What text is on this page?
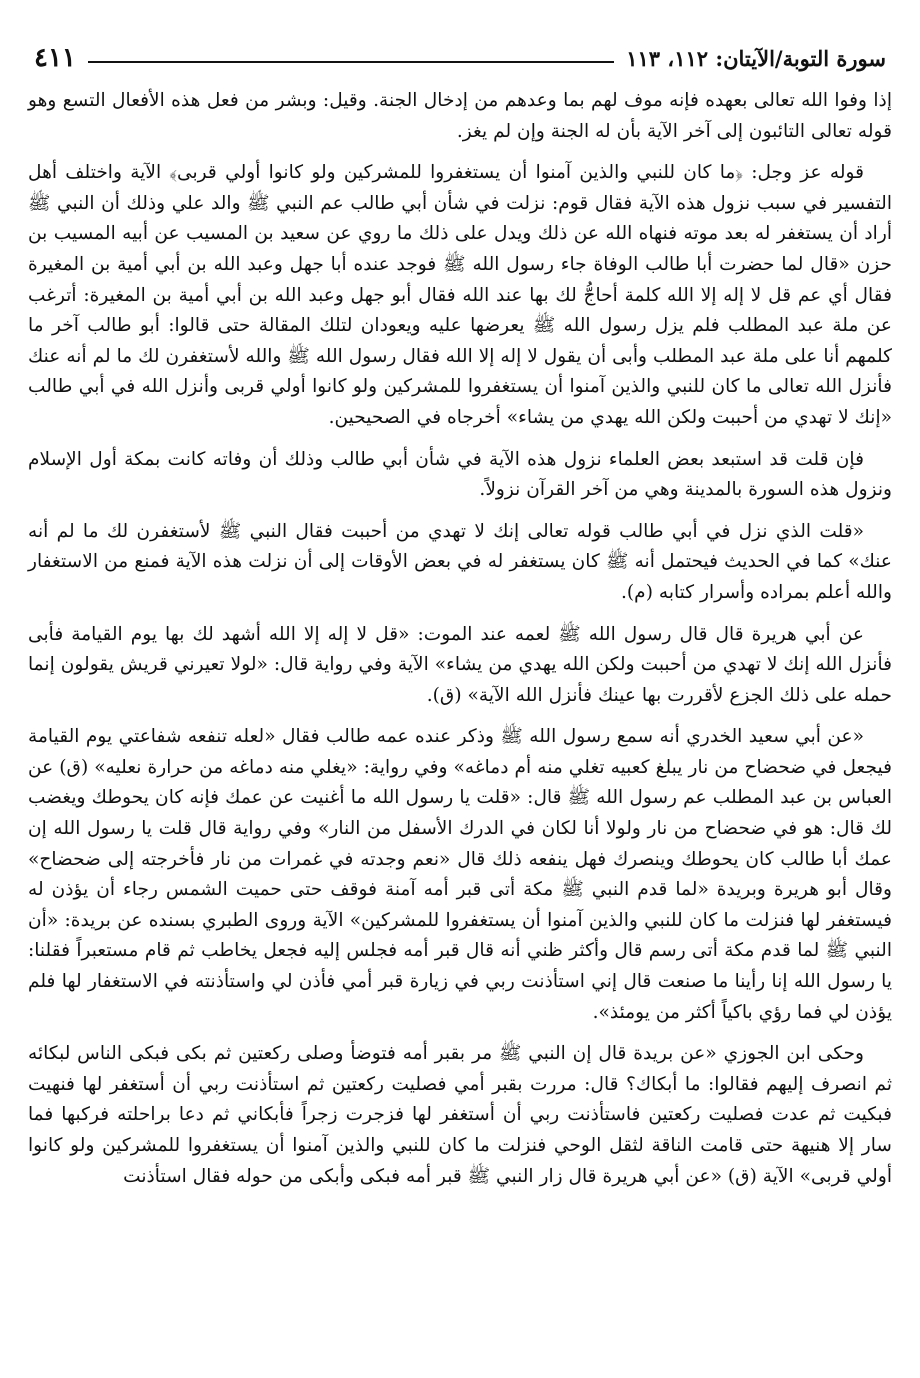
سورة التوبة/الآيتان: ١١٢، ١١٣
٤١١

إذا وفوا الله تعالى بعهده فإنه موف لهم بما وعدهم من إدخال الجنة. وقيل: وبشر من فعل هذه الأفعال التسع وهو قوله تعالى التائبون إلى آخر الآية بأن له الجنة وإن لم يغز.

قوله عز وجل: ﴿ما كان للنبي والذين آمنوا أن يستغفروا للمشركين ولو كانوا أولي قربى﴾ الآية واختلف أهل التفسير في سبب نزول هذه الآية فقال قوم: نزلت في شأن أبي طالب عم النبي ﷺ والد علي وذلك أن النبي ﷺ أراد أن يستغفر له بعد موته فنهاه الله عن ذلك ويدل على ذلك ما روي عن سعيد بن المسيب عن أبيه المسيب بن حزن «قال لما حضرت أبا طالب الوفاة جاء رسول الله ﷺ فوجد عنده أبا جهل وعبد الله بن أبي أمية بن المغيرة فقال أي عم قل لا إله إلا الله كلمة أحاجُّ لك بها عند الله فقال أبو جهل وعبد الله بن أبي أمية بن المغيرة: أترغب عن ملة عبد المطلب فلم يزل رسول الله ﷺ يعرضها عليه ويعودان لتلك المقالة حتى قالوا: أبو طالب آخر ما كلمهم أنا على ملة عبد المطلب وأبى أن يقول لا إله إلا الله فقال رسول الله ﷺ والله لأستغفرن لك ما لم أنه عنك فأنزل الله تعالى ما كان للنبي والذين آمنوا أن يستغفروا للمشركين ولو كانوا أولي قربى وأنزل الله في أبي طالب «إنك لا تهدي من أحببت ولكن الله يهدي من يشاء» أخرجاه في الصحيحين.

فإن قلت قد استبعد بعض العلماء نزول هذه الآية في شأن أبي طالب وذلك أن وفاته كانت بمكة أول الإسلام ونزول هذه السورة بالمدينة وهي من آخر القرآن نزولاً.

«قلت الذي نزل في أبي طالب قوله تعالى إنك لا تهدي من أحببت فقال النبي ﷺ لأستغفرن لك ما لم أنه عنك» كما في الحديث فيحتمل أنه ﷺ كان يستغفر له في بعض الأوقات إلى أن نزلت هذه الآية فمنع من الاستغفار والله أعلم بمراده وأسرار كتابه (م).

عن أبي هريرة قال قال رسول الله ﷺ لعمه عند الموت: «قل لا إله إلا الله أشهد لك بها يوم القيامة فأبى فأنزل الله إنك لا تهدي من أحببت ولكن الله يهدي من يشاء» الآية وفي رواية قال: «لولا تعيرني قريش يقولون إنما حمله على ذلك الجزع لأقررت بها عينك فأنزل الله الآية» (ق).

«عن أبي سعيد الخدري أنه سمع رسول الله ﷺ وذكر عنده عمه طالب فقال «لعله تنفعه شفاعتي يوم القيامة فيجعل في ضحضاح من نار يبلغ كعبيه تغلي منه أم دماغه» وفي رواية: «يغلي منه دماغه من حرارة نعليه» (ق) عن العباس بن عبد المطلب عم رسول الله ﷺ قال: «قلت يا رسول الله ما أغنيت عن عمك فإنه كان يحوطك ويغضب لك قال: هو في ضحضاح من نار ولولا أنا لكان في الدرك الأسفل من النار» وفي رواية قال قلت يا رسول الله إن عمك أبا طالب كان يحوطك وينصرك فهل ينفعه ذلك قال «نعم وجدته في غمرات من نار فأخرجته إلى ضحضاح» وقال أبو هريرة وبريدة «لما قدم النبي ﷺ مكة أتى قبر أمه آمنة فوقف حتى حميت الشمس رجاء أن يؤذن له فيستغفر لها فنزلت ما كان للنبي والذين آمنوا أن يستغفروا للمشركين» الآية وروى الطبري بسنده عن بريدة: «أن النبي ﷺ لما قدم مكة أتى رسم قال وأكثر ظني أنه قال قبر أمه فجلس إليه فجعل يخاطب ثم قام مستعبراً فقلنا: يا رسول الله إنا رأينا ما صنعت قال إني استأذنت ربي في زيارة قبر أمي فأذن لي واستأذنته في الاستغفار لها فلم يؤذن لي فما رؤي باكياً أكثر من يومئذ».

وحكى ابن الجوزي «عن بريدة قال إن النبي ﷺ مر بقبر أمه فتوضأ وصلى ركعتين ثم بكى فبكى الناس لبكائه ثم انصرف إليهم فقالوا: ما أبكاك؟ قال: مررت بقبر أمي فصليت ركعتين ثم استأذنت ربي أن أستغفر لها فنهيت فبكيت ثم عدت فصليت ركعتين فاستأذنت ربي أن أستغفر لها فزجرت زجراً فأبكاني ثم دعا براحلته فركبها فما سار إلا هنيهة حتى قامت الناقة لثقل الوحي فنزلت ما كان للنبي والذين آمنوا أن يستغفروا للمشركين ولو كانوا أولي قربى» الآية (ق) «عن أبي هريرة قال زار النبي ﷺ قبر أمه فبكى وأبكى من حوله فقال استأذنت
